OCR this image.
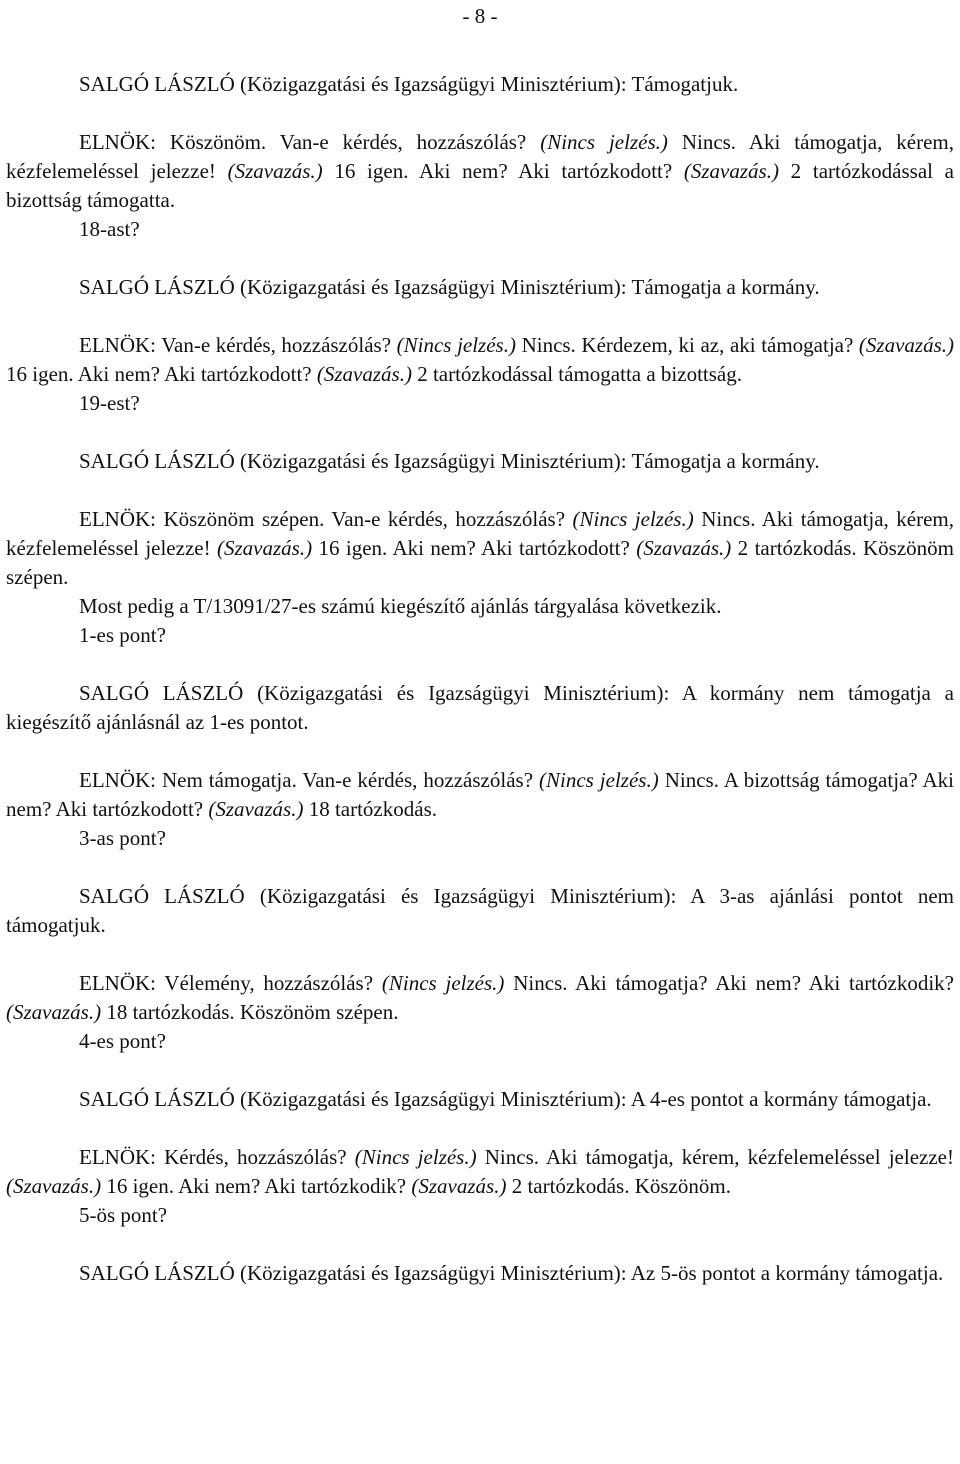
- 8 -

SALGÓ LÁSZLÓ (Közigazgatási és Igazságügyi Minisztérium): Támogatjuk.

ELNÖK: Köszönöm. Van-e kérdés, hozzászólás? (Nincs jelzés.) Nincs. Aki támogatja, kérem, kézfelemeléssel jelezze! (Szavazás.) 16 igen. Aki nem? Aki tartózkodott? (Szavazás.) 2 tartózkodással a bizottság támogatta.

18-ast?

SALGÓ LÁSZLÓ (Közigazgatási és Igazságügyi Minisztérium): Támogatja a kormány.

ELNÖK: Van-e kérdés, hozzászólás? (Nincs jelzés.) Nincs. Kérdezem, ki az, aki támogatja? (Szavazás.) 16 igen. Aki nem? Aki tartózkodott? (Szavazás.) 2 tartózkodással támogatta a bizottság.

19-est?

SALGÓ LÁSZLÓ (Közigazgatási és Igazságügyi Minisztérium): Támogatja a kormány.

ELNÖK: Köszönöm szépen. Van-e kérdés, hozzászólás? (Nincs jelzés.) Nincs. Aki támogatja, kérem, kézfelemeléssel jelezze! (Szavazás.) 16 igen. Aki nem? Aki tartózkodott? (Szavazás.) 2 tartózkodás. Köszönöm szépen.

Most pedig a T/13091/27-es számú kiegészítő ajánlás tárgyalása következik.

1-es pont?

SALGÓ LÁSZLÓ (Közigazgatási és Igazságügyi Minisztérium): A kormány nem támogatja a kiegészítő ajánlásnál az 1-es pontot.

ELNÖK: Nem támogatja. Van-e kérdés, hozzászólás? (Nincs jelzés.) Nincs. A bizottság támogatja? Aki nem? Aki tartózkodott? (Szavazás.) 18 tartózkodás.

3-as pont?

SALGÓ LÁSZLÓ (Közigazgatási és Igazságügyi Minisztérium): A 3-as ajánlási pontot nem támogatjuk.

ELNÖK: Vélemény, hozzászólás? (Nincs jelzés.) Nincs. Aki támogatja? Aki nem? Aki tartózkodik? (Szavazás.) 18 tartózkodás. Köszönöm szépen.

4-es pont?

SALGÓ LÁSZLÓ (Közigazgatási és Igazságügyi Minisztérium): A 4-es pontot a kormány támogatja.

ELNÖK: Kérdés, hozzászólás? (Nincs jelzés.) Nincs. Aki támogatja, kérem, kézfelemeléssel jelezze! (Szavazás.) 16 igen. Aki nem? Aki tartózkodik? (Szavazás.) 2 tartózkodás. Köszönöm.

5-ös pont?

SALGÓ LÁSZLÓ (Közigazgatási és Igazságügyi Minisztérium): Az 5-ös pontot a kormány támogatja.
